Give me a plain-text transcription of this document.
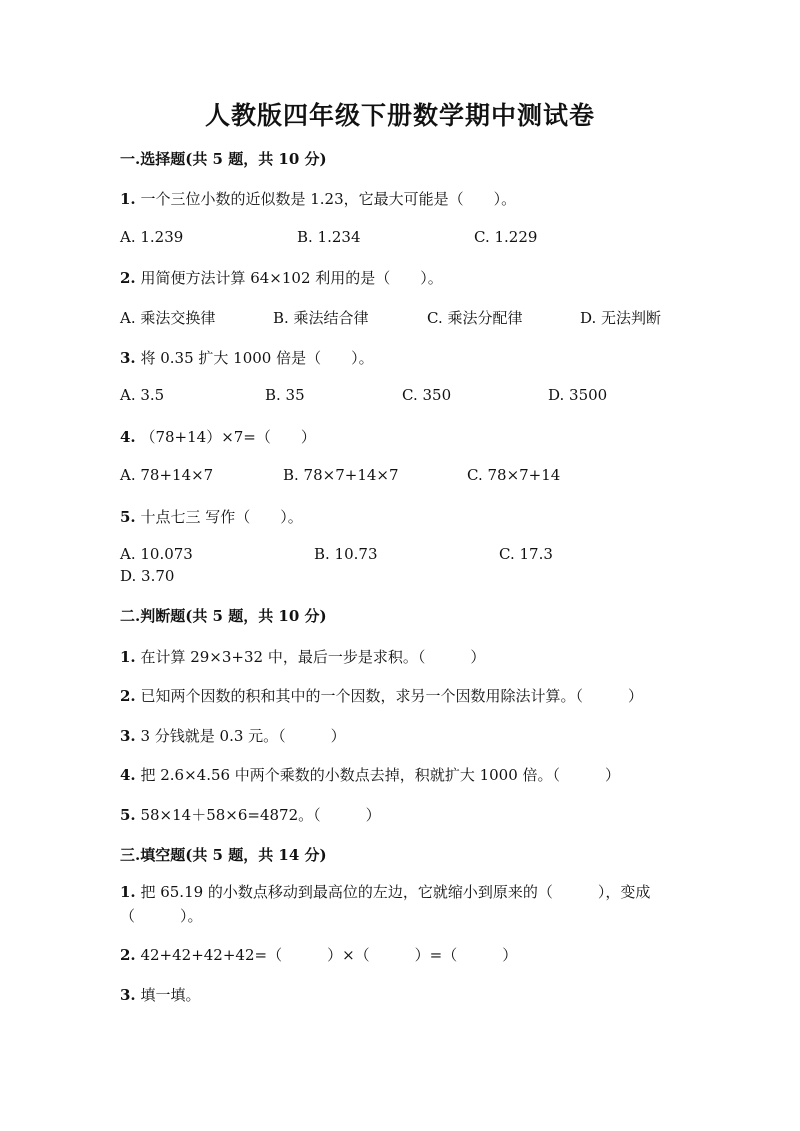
人教版四年级下册数学期中测试卷
一.选择题(共 5 题，共 10 分)
1. 一个三位小数的近似数是 1.23，它最大可能是（　　）。
A. 1.239	B. 1.234	C. 1.229
2. 用简便方法计算 64×102 利用的是（　　）。
A. 乘法交换律	B. 乘法结合律	C. 乘法分配律	D. 无法判断
3. 将 0.35 扩大 1000 倍是（　　）。
A. 3.5	B. 35	C. 350	D. 3500
4. （78+14）×7=（　　）
A. 78+14×7	B. 78×7+14×7	C. 78×7+14
5. 十点七三 写作（　　）。
A. 10.073	B. 10.73	C. 17.3
D. 3.70
二.判断题(共 5 题，共 10 分)
1. 在计算 29×3+32 中，最后一步是求积。（　　　）
2. 已知两个因数的积和其中的一个因数，求另一个因数用除法计算。（　　　）
3. 3 分钱就是 0.3 元。（　　　）
4. 把 2.6×4.56 中两个乘数的小数点去掉，积就扩大 1000 倍。（　　　）
5. 58×14＋58×6=4872。（　　　）
三.填空题(共 5 题，共 14 分)
1. 把 65.19 的小数点移动到最高位的左边，它就缩小到原来的（　　　），变成（　　　）。
2. 42+42+42+42=（　　　）×（　　　）=（　　　）
3. 填一填。
